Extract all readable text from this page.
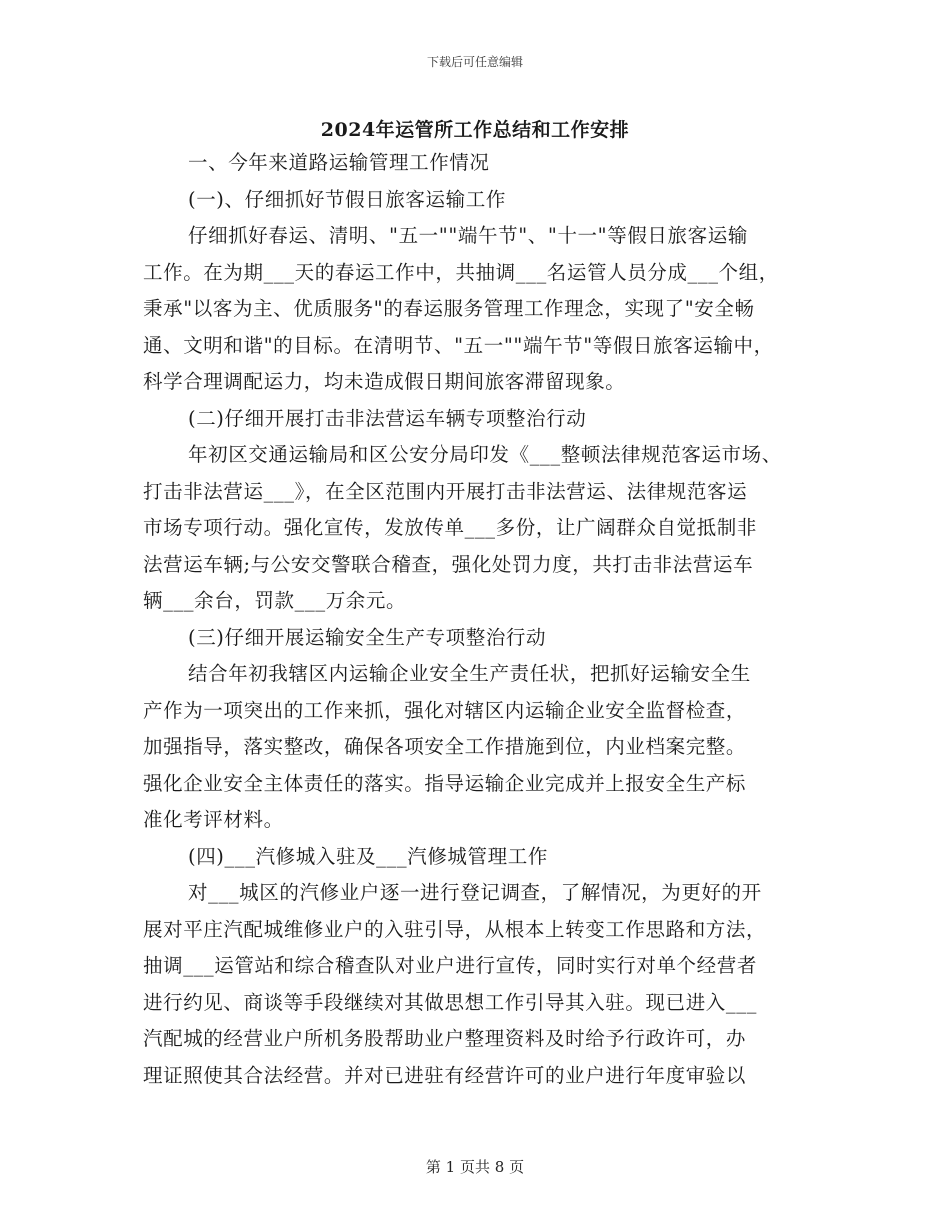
下载后可任意编辑
2024年运管所工作总结和工作安排
一、今年来道路运输管理工作情况
(一)、仔细抓好节假日旅客运输工作
仔细抓好春运、清明、"五一""端午节"、"十一"等假日旅客运输
工作。在为期___天的春运工作中，共抽调___名运管人员分成___个组，
秉承"以客为主、优质服务"的春运服务管理工作理念，实现了"安全畅
通、文明和谐"的目标。在清明节、"五一""端午节"等假日旅客运输中，
科学合理调配运力，均未造成假日期间旅客滞留现象。
(二)仔细开展打击非法营运车辆专项整治行动
年初区交通运输局和区公安分局印发《___整顿法律规范客运市场、
打击非法营运___》，在全区范围内开展打击非法营运、法律规范客运
市场专项行动。强化宣传，发放传单___多份，让广阔群众自觉抵制非
法营运车辆;与公安交警联合稽查，强化处罚力度，共打击非法营运车
辆___余台，罚款___万余元。
(三)仔细开展运输安全生产专项整治行动
结合年初我辖区内运输企业安全生产责任状，把抓好运输安全生
产作为一项突出的工作来抓，强化对辖区内运输企业安全监督检查，
加强指导，落实整改，确保各项安全工作措施到位，内业档案完整。
强化企业安全主体责任的落实。指导运输企业完成并上报安全生产标
准化考评材料。
(四)___汽修城入驻及___汽修城管理工作
对___城区的汽修业户逐一进行登记调查，了解情况，为更好的开
展对平庄汽配城维修业户的入驻引导，从根本上转变工作思路和方法，
抽调___运管站和综合稽查队对业户进行宣传，同时实行对单个经营者
进行约见、商谈等手段继续对其做思想工作引导其入驻。现已进入___
汽配城的经营业户所机务股帮助业户整理资料及时给予行政许可，办
理证照使其合法经营。并对已进驻有经营许可的业户进行年度审验以
第 1 页共 8 页
